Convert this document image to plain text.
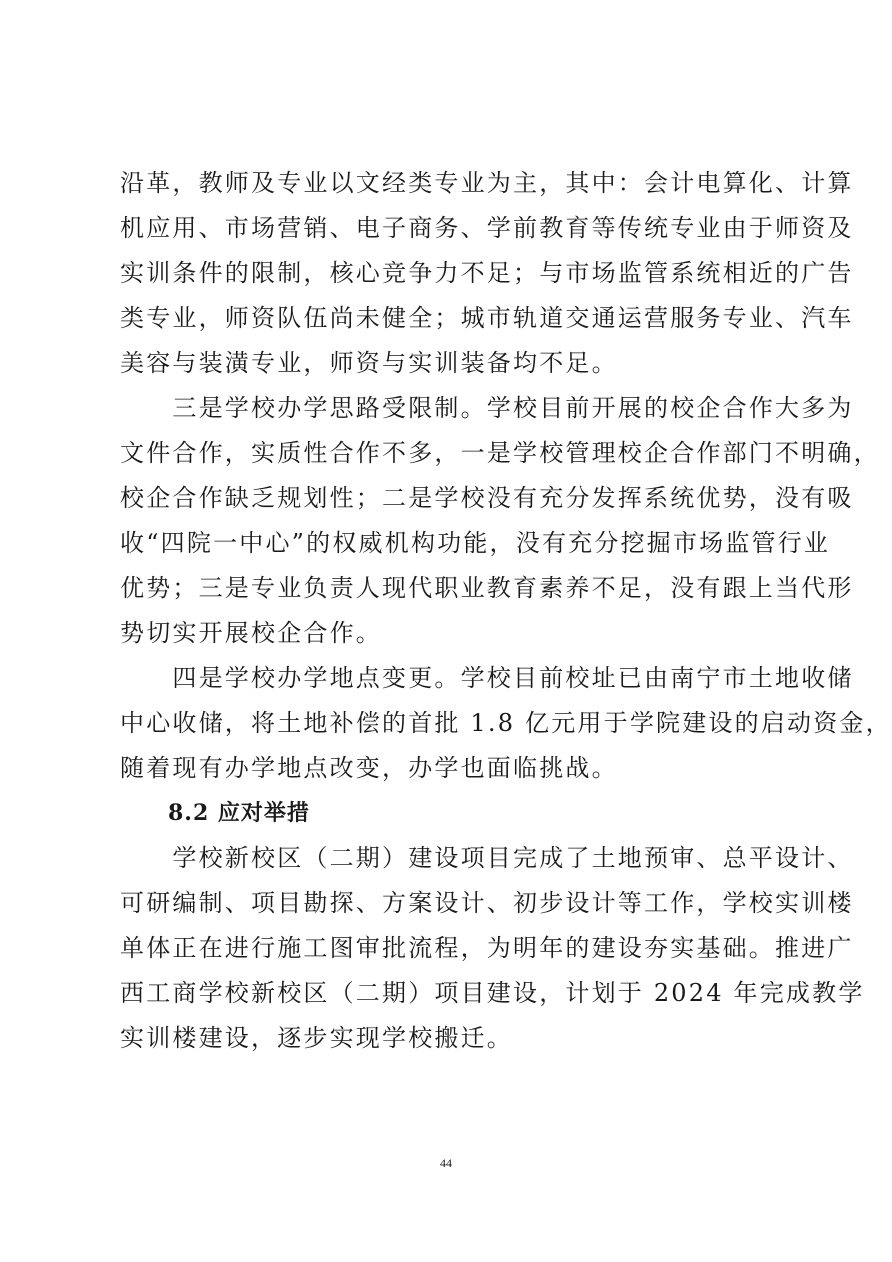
沿革，教师及专业以文经类专业为主，其中：会计电算化、计算
机应用、市场营销、电子商务、学前教育等传统专业由于师资及
实训条件的限制，核心竞争力不足；与市场监管系统相近的广告
类专业，师资队伍尚未健全；城市轨道交通运营服务专业、汽车
美容与装潢专业，师资与实训装备均不足。
　　三是学校办学思路受限制。学校目前开展的校企合作大多为
文件合作，实质性合作不多，一是学校管理校企合作部门不明确，
校企合作缺乏规划性；二是学校没有充分发挥系统优势，没有吸
收“四院一中心”的权威机构功能，没有充分挖掘市场监管行业
优势；三是专业负责人现代职业教育素养不足，没有跟上当代形
势切实开展校企合作。
　　四是学校办学地点变更。学校目前校址已由南宁市土地收储
中心收储，将土地补偿的首批 1.8 亿元用于学院建设的启动资金，
随着现有办学地点改变，办学也面临挑战。
8.2 应对举措
　　学校新校区（二期）建设项目完成了土地预审、总平设计、
可研编制、项目勘探、方案设计、初步设计等工作，学校实训楼
单体正在进行施工图审批流程，为明年的建设夯实基础。推进广
西工商学校新校区（二期）项目建设，计划于 2024 年完成教学
实训楼建设，逐步实现学校搬迁。
44
